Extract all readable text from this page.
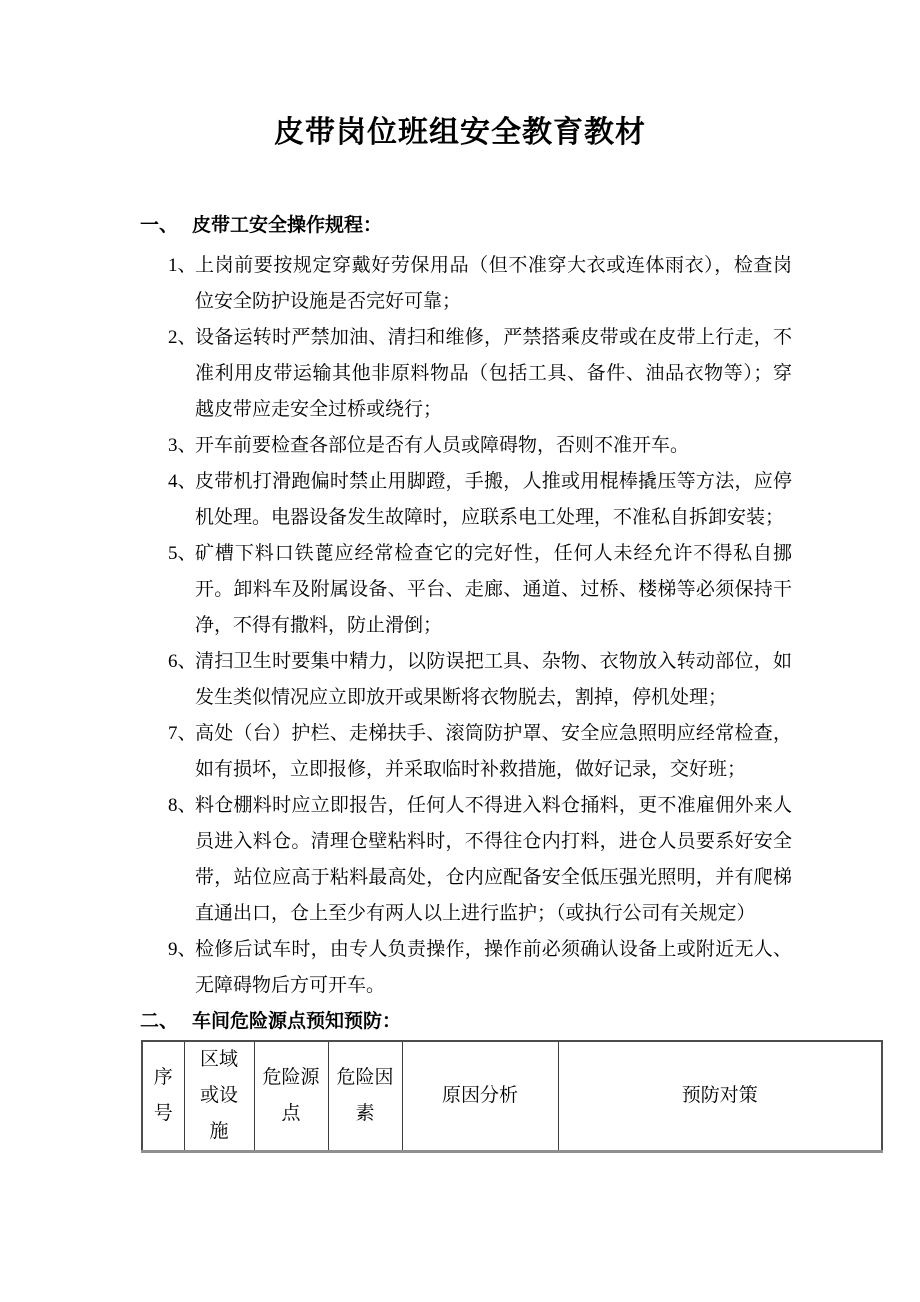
皮带岗位班组安全教育教材
一、 皮带工安全操作规程：
1、
上岗前要按规定穿戴好劳保用品（但不准穿大衣或连体雨衣），检查岗位安全防护设施是否完好可靠；
2、
设备运转时严禁加油、清扫和维修，严禁搭乘皮带或在皮带上行走，不准利用皮带运输其他非原料物品（包括工具、备件、油品衣物等）；穿越皮带应走安全过桥或绕行；
3、
开车前要检查各部位是否有人员或障碍物，否则不准开车。
4、
皮带机打滑跑偏时禁止用脚蹬，手搬，人推或用棍棒撬压等方法，应停机处理。电器设备发生故障时，应联系电工处理，不准私自拆卸安装；
5、
矿槽下料口铁蓖应经常检查它的完好性，任何人未经允许不得私自挪开。卸料车及附属设备、平台、走廊、通道、过桥、楼梯等必须保持干净，不得有撒料，防止滑倒；
6、
清扫卫生时要集中精力，以防误把工具、杂物、衣物放入转动部位，如发生类似情况应立即放开或果断将衣物脱去，割掉，停机处理；
7、
高处（台）护栏、走梯扶手、滚筒防护罩、安全应急照明应经常检查，如有损坏，立即报修，并采取临时补救措施，做好记录，交好班；
8、
料仓棚料时应立即报告，任何人不得进入料仓捅料，更不准雇佣外来人员进入料仓。清理仓壁粘料时，不得往仓内打料，进仓人员要系好安全带，站位应高于粘料最高处，仓内应配备安全低压强光照明，并有爬梯直通出口，仓上至少有两人以上进行监护；（或执行公司有关规定）
9、
检修后试车时，由专人负责操作，操作前必须确认设备上或附近无人、无障碍物后方可开车。
二、 车间危险源点预知预防：
序号	区域或设施	危险源点	危险因素	原因分析	预防对策
